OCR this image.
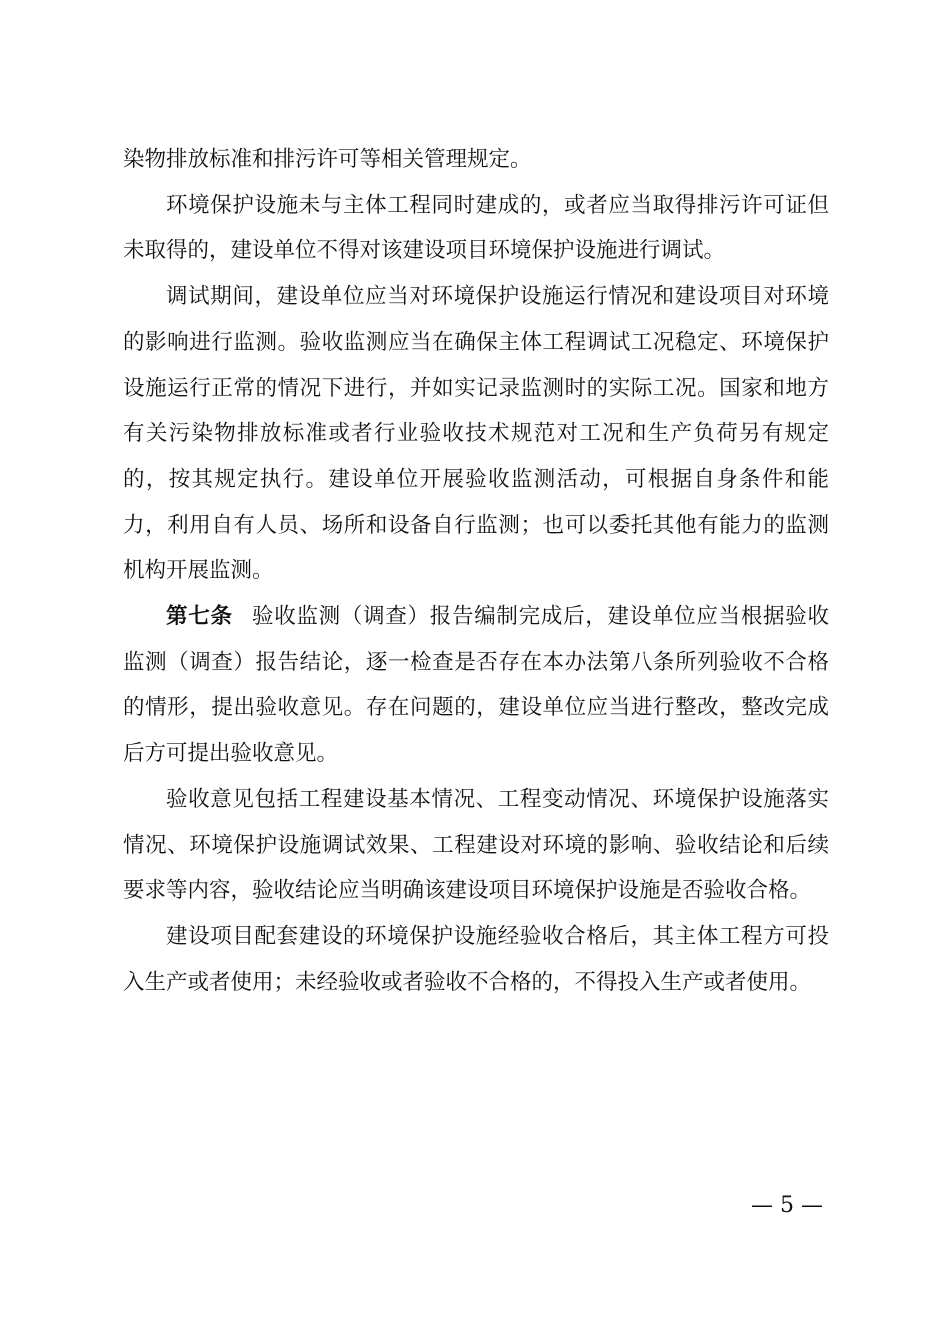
染物排放标准和排污许可等相关管理规定。

环境保护设施未与主体工程同时建成的，或者应当取得排污许可证但未取得的，建设单位不得对该建设项目环境保护设施进行调试。

调试期间，建设单位应当对环境保护设施运行情况和建设项目对环境的影响进行监测。验收监测应当在确保主体工程调试工况稳定、环境保护设施运行正常的情况下进行，并如实记录监测时的实际工况。国家和地方有关污染物排放标准或者行业验收技术规范对工况和生产负荷另有规定的，按其规定执行。建设单位开展验收监测活动，可根据自身条件和能力，利用自有人员、场所和设备自行监测；也可以委托其他有能力的监测机构开展监测。

第七条 验收监测（调查）报告编制完成后，建设单位应当根据验收监测（调查）报告结论，逐一检查是否存在本办法第八条所列验收不合格的情形，提出验收意见。存在问题的，建设单位应当进行整改，整改完成后方可提出验收意见。

验收意见包括工程建设基本情况、工程变动情况、环境保护设施落实情况、环境保护设施调试效果、工程建设对环境的影响、验收结论和后续要求等内容，验收结论应当明确该建设项目环境保护设施是否验收合格。

建设项目配套建设的环境保护设施经验收合格后，其主体工程方可投入生产或者使用；未经验收或者验收不合格的，不得投入生产或者使用。

— 5 —
